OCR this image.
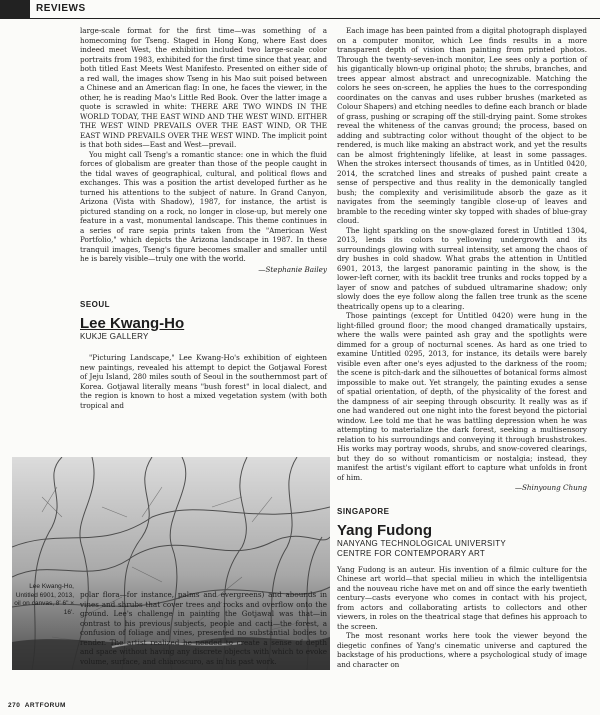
REVIEWS

large-scale format for the first time—was something of a homecoming for Tseng. Staged in Hong Kong, where East does indeed meet West, the exhibition included two large-scale color portraits from 1983, exhibited for the first time since that year, and both titled East Meets West Manifesto. Presented on either side of a red wall, the images show Tseng in his Mao suit poised between a Chinese and an American flag: In one, he faces the viewer, in the other, he is reading Mao's Little Red Book. Over the latter image a quote is scrawled in white: THERE ARE TWO WINDS IN THE WORLD TODAY, THE EAST WIND AND THE WEST WIND. EITHER THE WEST WIND PREVAILS OVER THE EAST WIND, OR THE EAST WIND PREVAILS OVER THE WEST WIND. The implicit point is that both sides—East and West—prevail.

You might call Tseng's a romantic stance: one in which the fluid forces of globalism are greater than those of the people caught in the tidal waves of geographical, cultural, and political flows and exchanges. This was a position the artist developed further as he turned his attentions to the subject of nature. In Grand Canyon, Arizona (Vista with Shadow), 1987, for instance, the artist is pictured standing on a rock, no longer in close-up, but merely one feature in a vast, monumental landscape. This theme continues in a series of rare sepia prints taken from the "American West Portfolio," which depicts the Arizona landscape in 1987. In these tranquil images, Tseng's figure becomes smaller and smaller until he is barely visible—truly one with the world.

—Stephanie Bailey
SEOUL
Lee Kwang-Ho
KUKJE GALLERY

"Picturing Landscape," Lee Kwang-Ho's exhibition of eighteen new paintings, revealed his attempt to depict the Gotjawal Forest of Jeju Island, 280 miles south of Seoul in the southernmost part of Korea. Gotjawal literally means "bush forest" in local dialect, and the region is known to host a mixed vegetation system (with both tropical and

Lee Kwang-Ho, Untitled 6901, 2013, oil on canvas, 8' 6" × 16'.

polar flora—for instance, palms and evergreens) and abounds in vines and shrubs that cover trees and rocks and overflow onto the ground. Lee's challenge in painting the Gotjawal was that—in contrast to his previous subjects, people and cacti—the forest, a confusion of foliage and vines, presented no substantial bodies to render. The artist realized he needed to create a sense of depth and space without having any discrete objects with which to evoke volume, surface, and chiaroscuro, as in his past work.

Each image has been painted from a digital photograph displayed on a computer monitor, which Lee finds results in a more transparent depth of vision than painting from printed photos. Through the twenty-seven-inch monitor, Lee sees only a portion of his gigantically blown-up original photo; the shrubs, branches, and trees appear almost abstract and unrecognizable. Matching the colors he sees on-screen, he applies the hues to the corresponding coordinates on the canvas and uses rubber brushes (marketed as Colour Shapers) and etching needles to define each branch or blade of grass, pushing or scraping off the still-drying paint. Some strokes reveal the whiteness of the canvas ground; the process, based on adding and subtracting color without thought of the object to be rendered, is much like making an abstract work, and yet the results can be almost frighteningly lifelike, at least in some passages. When the strokes intersect thousands of times, as in Untitled 0420, 2014, the scratched lines and streaks of pushed paint create a sense of perspective and thus reality in the demonically tangled bush; the complexity and verisimilitude absorb the gaze as it navigates from the seemingly tangible close-up of leaves and bramble to the receding winter sky topped with shades of blue-gray cloud.

The light sparkling on the snow-glazed forest in Untitled 1304, 2013, lends its colors to yellowing undergrowth and its surroundings glowing with surreal intensity, set among the chaos of dry bushes in cold shadow. What grabs the attention in Untitled 6901, 2013, the largest panoramic painting in the show, is the lower-left corner, with its backlit tree trunks and rocks topped by a layer of snow and patches of subdued ultramarine shadow; only slowly does the eye follow along the fallen tree trunk as the scene theatrically opens up to a clearing.

Those paintings (except for Untitled 0420) were hung in the light-filled ground floor; the mood changed dramatically upstairs, where the walls were painted ash gray and the spotlights were dimmed for a group of nocturnal scenes. As hard as one tried to examine Untitled 0295, 2013, for instance, its details were barely visible even after one's eyes adjusted to the darkness of the room; the scene is pitch-dark and the silhouettes of botanical forms almost impossible to make out. Yet strangely, the painting exudes a sense of spatial orientation, of depth, of the physicality of the forest and the dampness of air seeping through obscurity. It really was as if one had wandered out one night into the forest beyond the pictorial window. Lee told me that he was battling depression when he was attempting to materialize the dark forest, seeking a multisensory relation to his surroundings and conveying it through brushstrokes. His works may portray woods, shrubs, and snow-covered clearings, but they do so without romanticism or nostalgia; instead, they manifest the artist's vigilant effort to capture what unfolds in front of him.

—Shinyoung Chung
SINGAPORE
Yang Fudong
NANYANG TECHNOLOGICAL UNIVERSITY
CENTRE FOR CONTEMPORARY ART

Yang Fudong is an auteur. His invention of a filmic culture for the Chinese art world—that special milieu in which the intelligentsia and the nouveau riche have met on and off since the early twentieth century—casts everyone who comes in contact with his project, from actors and collaborating artists to collectors and other viewers, in roles on the theatrical stage that defines his approach to the screen.

The most resonant works here took the viewer beyond the diegetic confines of Yang's cinematic universe and captured the backstage of his productions, where a psychological study of image and character on

270 ARTFORUM
